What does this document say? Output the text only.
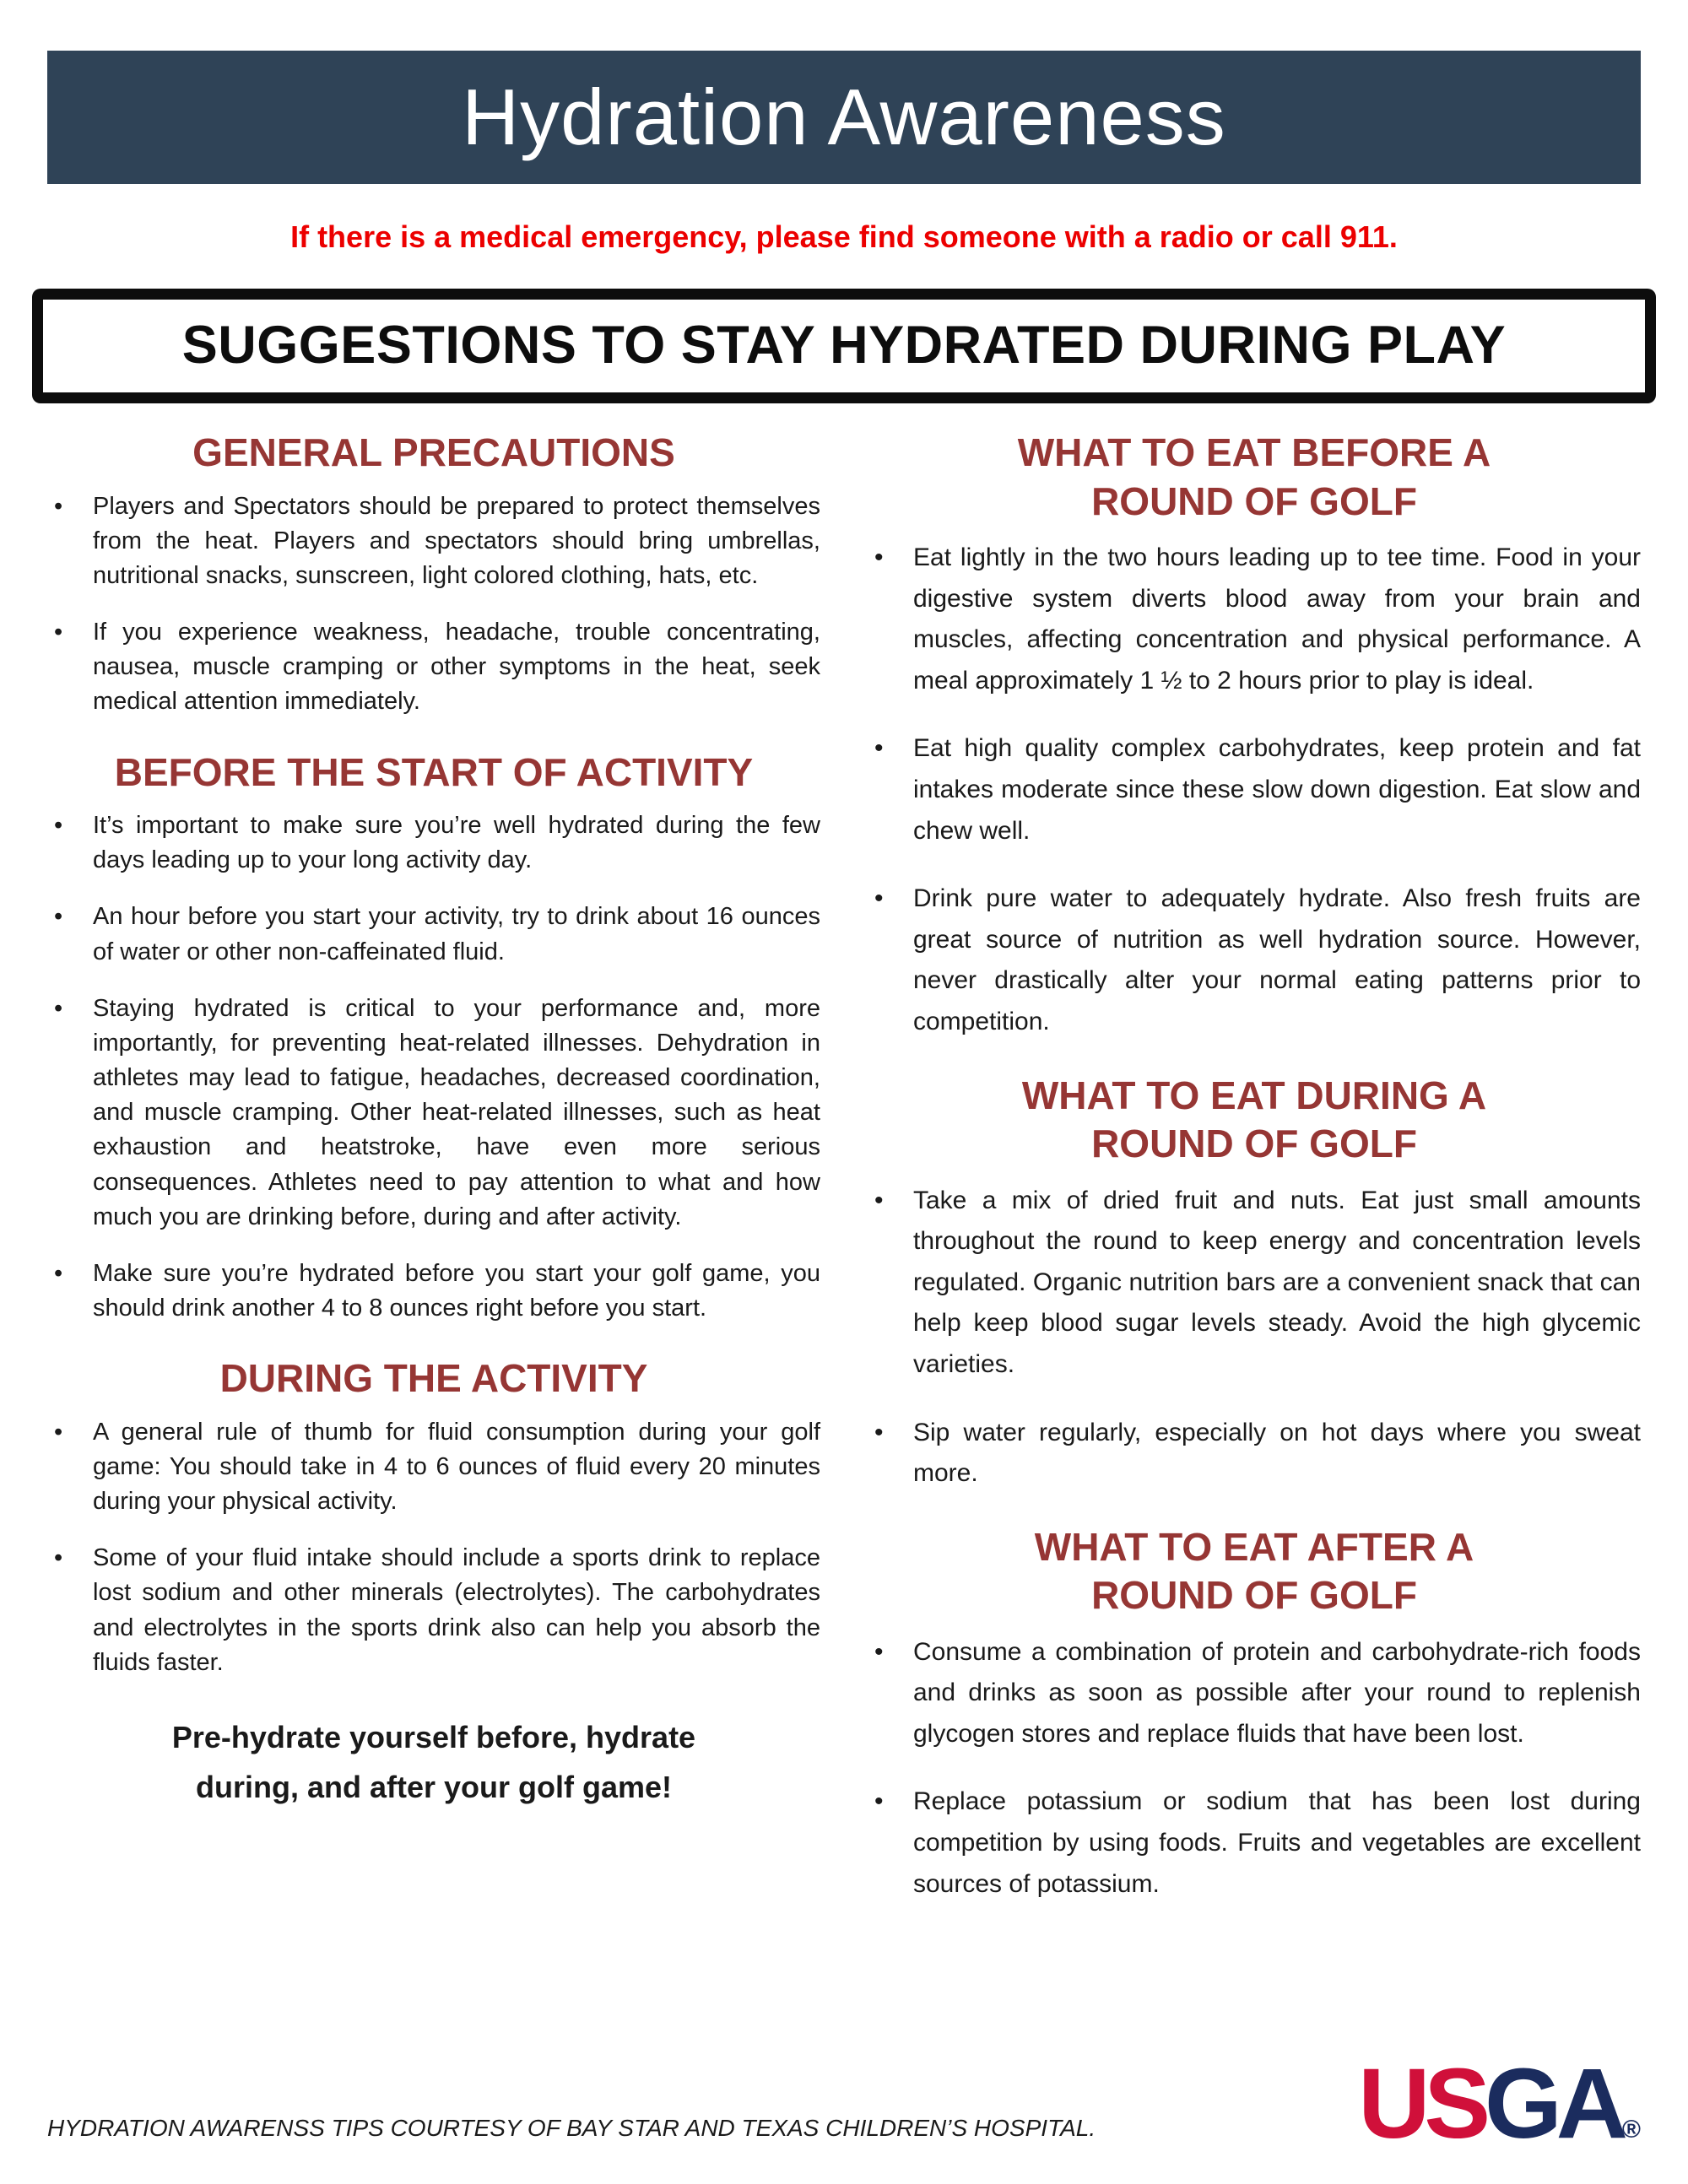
Hydration Awareness

If there is a medical emergency, please find someone with a radio or call 911.

SUGGESTIONS TO STAY HYDRATED DURING PLAY
GENERAL PRECAUTIONS
• Players and Spectators should be prepared to protect themselves from the heat. Players and spectators should bring umbrellas, nutritional snacks, sunscreen, light colored clothing, hats, etc.
• If you experience weakness, headache, trouble concentrating, nausea, muscle cramping or other symptoms in the heat, seek medical attention immediately.
BEFORE THE START OF ACTIVITY
• It’s important to make sure you’re well hydrated during the few days leading up to your long activity day.
• An hour before you start your activity, try to drink about 16 ounces of water or other non-caffeinated fluid.
• Staying hydrated is critical to your performance and, more importantly, for preventing heat-related illnesses. Dehydration in athletes may lead to fatigue, headaches, decreased coordination, and muscle cramping. Other heat-related illnesses, such as heat exhaustion and heatstroke, have even more serious consequences. Athletes need to pay attention to what and how much you are drinking before, during and after activity.
• Make sure you’re hydrated before you start your golf game, you should drink another 4 to 8 ounces right before you start.
DURING THE ACTIVITY
• A general rule of thumb for fluid consumption during your golf game: You should take in 4 to 6 ounces of fluid every 20 minutes during your physical activity.
• Some of your fluid intake should include a sports drink to replace lost sodium and other minerals (electrolytes). The carbohydrates and electrolytes in the sports drink also can help you absorb the fluids faster.

Pre-hydrate yourself before, hydrate
during, and after your golf game!

WHAT TO EAT BEFORE A
ROUND OF GOLF
• Eat lightly in the two hours leading up to tee time. Food in your digestive system diverts blood away from your brain and muscles, affecting concentration and physical performance. A meal approximately 1 ½ to 2 hours prior to play is ideal.
• Eat high quality complex carbohydrates, keep protein and fat intakes moderate since these slow down digestion. Eat slow and chew well.
• Drink pure water to adequately hydrate. Also fresh fruits are great source of nutrition as well hydration source. However, never drastically alter your normal eating patterns prior to competition.
WHAT TO EAT DURING A
ROUND OF GOLF
• Take a mix of dried fruit and nuts. Eat just small amounts throughout the round to keep energy and concentration levels regulated. Organic nutrition bars are a convenient snack that can help keep blood sugar levels steady. Avoid the high glycemic varieties.
• Sip water regularly, especially on hot days where you sweat more.
WHAT TO EAT AFTER A
ROUND OF GOLF
• Consume a combination of protein and carbohydrate-rich foods and drinks as soon as possible after your round to replenish glycogen stores and replace fluids that have been lost.
• Replace potassium or sodium that has been lost during competition by using foods. Fruits and vegetables are excellent sources of potassium.

HYDRATION AWARENSS TIPS COURTESY OF BAY STAR AND TEXAS CHILDREN’S HOSPITAL.	USGA®
